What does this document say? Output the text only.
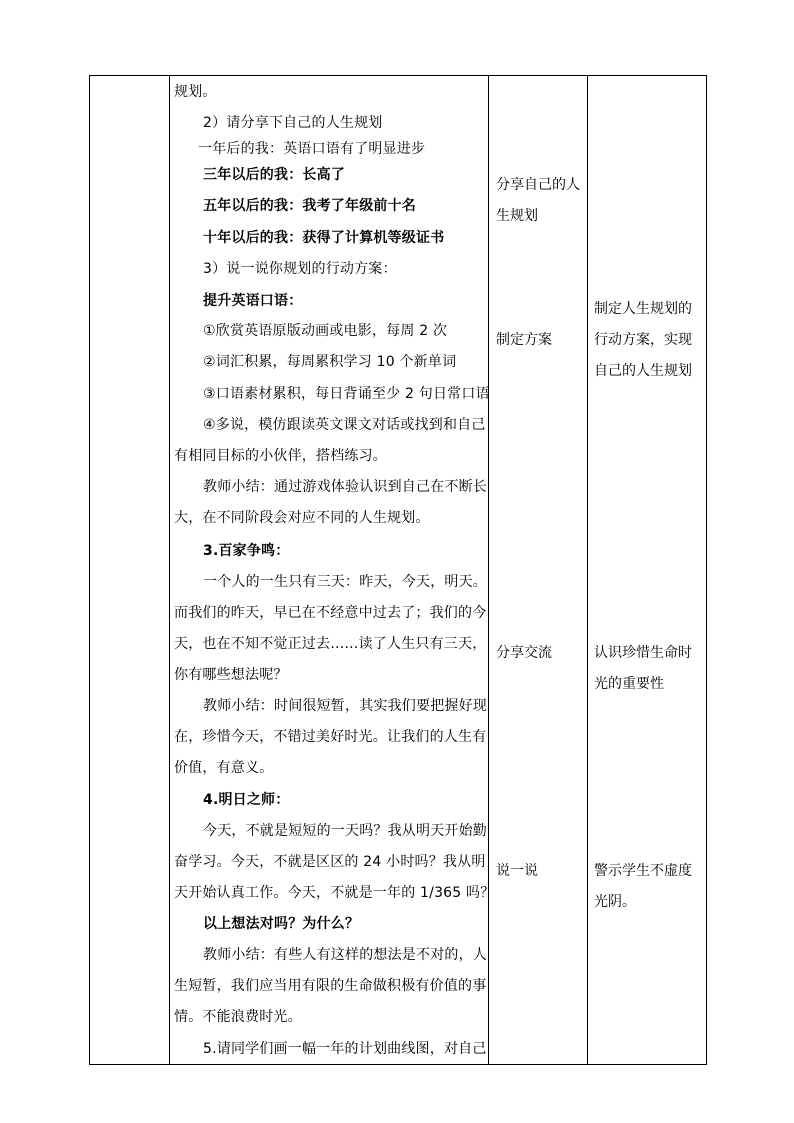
规划。
2）请分享下自己的人生规划
一年后的我：英语口语有了明显进步
三年以后的我：长高了
五年以后的我：我考了年级前十名
十年以后的我：获得了计算机等级证书
3）说一说你规划的行动方案：
提升英语口语：
①欣赏英语原版动画或电影，每周 2 次
②词汇积累，每周累积学习 10 个新单词
③口语素材累积，每日背诵至少 2 句日常口语
④多说，模仿跟读英文课文对话或找到和自己
有相同目标的小伙伴，搭档练习。
教师小结：通过游戏体验认识到自己在不断长
大，在不同阶段会对应不同的人生规划。
3.百家争鸣：
一个人的一生只有三天：昨天，今天，明天。
而我们的昨天，早已在不经意中过去了；我们的今
天，也在不知不觉正过去……读了人生只有三天，
你有哪些想法呢？
教师小结：时间很短暂，其实我们要把握好现
在，珍惜今天，不错过美好时光。让我们的人生有
价值，有意义。
4.明日之师：
今天，不就是短短的一天吗？我从明天开始勤
奋学习。今天，不就是区区的 24 小时吗？我从明
天开始认真工作。今天，不就是一年的 1/365 吗？
以上想法对吗？为什么？
教师小结：有些人有这样的想法是不对的，人
生短暂，我们应当用有限的生命做积极有价值的事
情。不能浪费时光。
5.请同学们画一幅一年的计划曲线图，对自己
分享自己的人
生规划
制定方案
分享交流
说一说
制定人生规划的
行动方案，实现
自己的人生规划
认识珍惜生命时
光的重要性
警示学生不虚度
光阴。
